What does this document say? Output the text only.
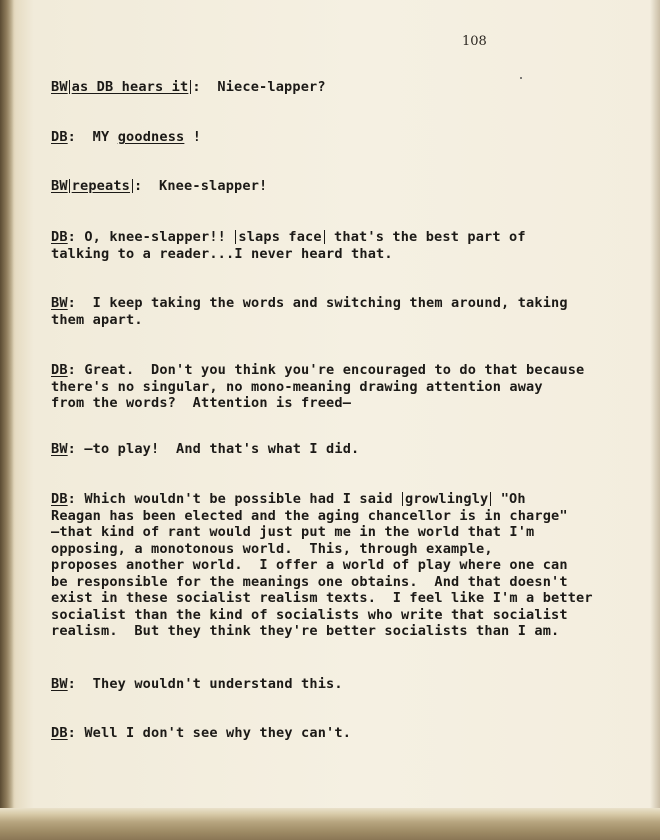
108
BW as DB hears it :  Niece-lapper?
DB:  MY goodness !
BW repeats :  Knee-slapper!
DB: O, knee-slapper!! slaps face that's the best part of
talking to a reader...I never heard that.
BW:  I keep taking the words and switching them around, taking
them apart.
DB: Great.  Don't you think you're encouraged to do that because
there's no singular, no mono-meaning drawing attention away
from the words?  Attention is freed—
BW: —to play!  And that's what I did.
DB: Which wouldn't be possible had I said growlingly "Oh
Reagan has been elected and the aging chancellor is in charge"
—that kind of rant would just put me in the world that I'm
opposing, a monotonous world.  This, through example,
proposes another world.  I offer a world of play where one can
be responsible for the meanings one obtains.  And that doesn't
exist in these socialist realism texts.  I feel like I'm a better
socialist than the kind of socialists who write that socialist
realism.  But they think they're better socialists than I am.
BW:  They wouldn't understand this.
DB: Well I don't see why they can't.
